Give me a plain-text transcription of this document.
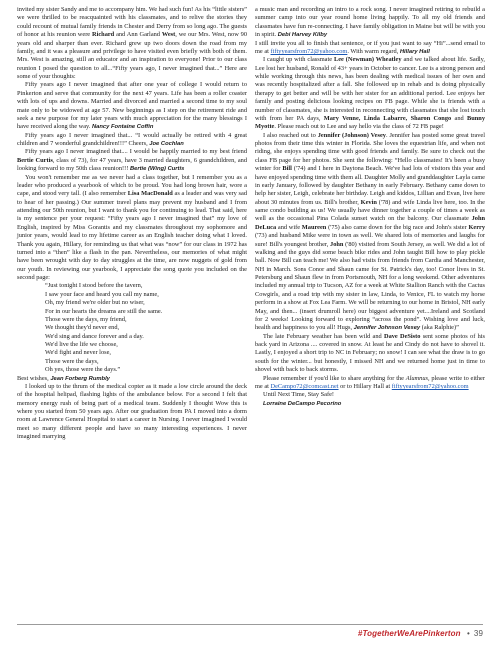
invited my sister Sandy and me to accompany him. We had such fun! As his “little sisters” we were thrilled to be reacquainted with his classmates, and to relive the stories they could recount of mutual family friends in Chester and Derry from so long ago. The guests of honor at his reunion were Richard and Ann Garland West, we our Mrs. West, now 90 years old and sharper than ever. Richard grew up two doors down the road from my family, and it was a pleasure and privilege to have visited even briefly with both of them. Mrs. West is amazing, still an educator and an inspiration to everyone! Prior to our class reunion I posed the question to all...“Fifty years ago, I never imagined that...” Here are some of your thoughts:

Fifty years ago I never imagined that after one year of college I would return to Pinkerton and serve that community for the next 47 years. Life has been a roller coaster with lots of ups and downs. Married and divorced and married a second time to my soul mate only to be widowed at age 57. New beginnings as I step on the retirement ride and seek a new purpose for my later years with much appreciation for the many blessings I have received along the way. Nancy Fontaine Coffin

Fifty years ago I never imagined that... “I would actually be retired with 4 great children and 7 wonderful grandchildren!!!” Cheers, Joe Cochlan

Fifty years ago I never imagined that.... I would be happily married to my best friend Bertie Curtis, class of 73), for 47 years, have 3 married daughters, 6 grandchildren, and looking forward to my 50th class reunion!!! Bertie (Wing) Curtis

You won't remember me as we never had a class together, but I remember you as a leader who produced a yearbook of which to be proud. You had long brown hair, wore a cape, and stood very tall. (I also remember Lisa MacDonald as a leader and was very sad to hear of her passing.) Our summer travel plans may prevent my husband and I from attending our 50th reunion, but I want to thank you for continuing to lead. That said, here is my sentence per your request: “Fifty years ago I never imagined that” my love of English, inspired by Miss Gorantis and my classmates throughout my sophomore and junior years, would lead to my lifetime career as an English teacher doing what I loved. Thank you again, Hillary, for reminding us that what was “now” for our class in 1972 has turned into a “then” like a flash in the pan. Nevertheless, our memories of what might have been wrought with day to day struggles at the time, are now nuggets of gold from our youth. In reviewing our yearbook, I appreciate the song quote you included on the second page:

“Just tonight I stood before the tavern,
I saw your face and heard you call my name,
Oh, my friend we're older but no wiser,
For in our hearts the dreams are still the same.
Those were the days, my friend,
We thought they'd never end,
We'd sing and dance forever and a day.
We'd live the life we choose,
We'd fight and never lose,
Those were the days,
Oh yes, those were the days.”

Best wishes, Jean Forberg Rumbly

I looked up to the thrum of the medical copter as it made a low circle around the deck of the hospital helipad, flashing lights of the ambulance below. For a second I felt that memory energy rush of being part of a medical team. Suddenly I thought Wow this is where you started from 50 years ago. After our graduation from PA I moved into a dorm room at Lawrence General Hospital to start a career in Nursing. I never imagined I would meet so many different people and have so many interesting experiences. I never imagined marrying

a music man and recording an intro to a rock song. I never imagined retiring to rebuild a summer camp into our year round home living happily. To all my old friends and classmates have fun re-connecting. I have family obligation in Maine but will be with you in spirit. Debi Harvey Kilby

I still invite you all to finish that sentence, or if you just want to say “Hi”...send email to me at fiftyyearsfrom72@yahoo.com. With warm regard, Hillary Hall

I caught up with classmate Lee (Newman) Wheatley and we talked about life. Sadly, Lee lost her husband, Ronald of 43+ years in October to cancer. Lee is a strong person and while working through this news, has been dealing with medical issues of her own and was recently hospitalized after a fall. She followed up in rehab and is doing physically therapy to get better and will be with her sister for an additional period. Lee enjoys her family and posting delicious looking recipes on FB page. While she is friends with a number of classmates, she is interested in reconnecting with classmates that she lost touch with from her PA days, Mary Venne, Linda Labarre, Sharon Congo and Bunny Myotte. Please reach out to Lee and say hello via the class of 72 FB page!

I also reached out to Jennifer (Johnson) Vesey. Jennifer has posted some great travel photos from their time this winter in Florida. She loves the equestrian life, and when not riding, she enjoys spending time with good friends and family. Be sure to check out the class FB page for her photos. She sent the following: “Hello classmates! It's been a busy winter for Bill ('74) and I here in Daytona Beach. We've had lots of visitors this year and have enjoyed spending time with them all. Daughter Molly and granddaughter Layla came in early January, followed by daughter Bethany in early February. Bethany came down to help her sister, Leigh, celebrate her birthday. Leigh and kiddos, Lillian and Evan, live here about 30 minutes from us. Bill's brother, Kevin ('78) and wife Linda live here, too. In the same condo building as us! We usually have dinner together a couple of times a week as well as the occasional Pina Colada sunset watch on the balcony. Our classmate John DeLuca and wife Maureen ('75) also came down for the big race and John's sister Kerry ('73) and husband Mike were in town as well. We shared lots of memories and laughs for sure! Bill's youngest brother, John ('80) visited from South Jersey, as well. We did a lot of walking and the guys did some beach bike rides and John taught Bill how to play pickle ball. Now Bill can teach me! We also had visits from friends from Cardia and Manchester, NH in March. Sons Conor and Shaun came for St. Patrick's day, too! Conor lives in St. Petersburg and Shaun flew in from Portsmouth, NH for a long weekend. Other adventures included my annual trip to Tucson, AZ for a week at White Stallion Ranch with the Cactus Cowgirls, and a road trip with my sister in law, Linda, to Venice, FL to watch my horse perform in a show at Fox Lea Farm. We will be returning to our home in Bristol, NH early May, and then... (insert drumroll here) our biggest adventure yet....Ireland and Scotland for 2 weeks! Looking forward to exploring “across the pond”. Wishing love and luck, health and happiness to you all! Hugs, Jennifer Johnson Vesey (aka Ralphie)”

The late February weather has been wild and Dave DeSisto sent some photos of his back yard in Arizona .... covered in snow. At least he and Cindy do not have to shovel it. Lastly, I enjoyed a short trip to NC in February; no snow! I can see what the draw is to go south for the winter... but honestly, I missed NH and we returned home just in time to shovel with back to back storms.

Please remember if you'd like to share anything for the Alumnus, please write to either me at DeCampo72@comcast.net or to Hillary Hall at fiftyyearsfrom72@yahoo.com

Until Next Time, Stay Safe!

Lorraine DeCampo Pecorino

#TogetherWeArePinkerton • 39
